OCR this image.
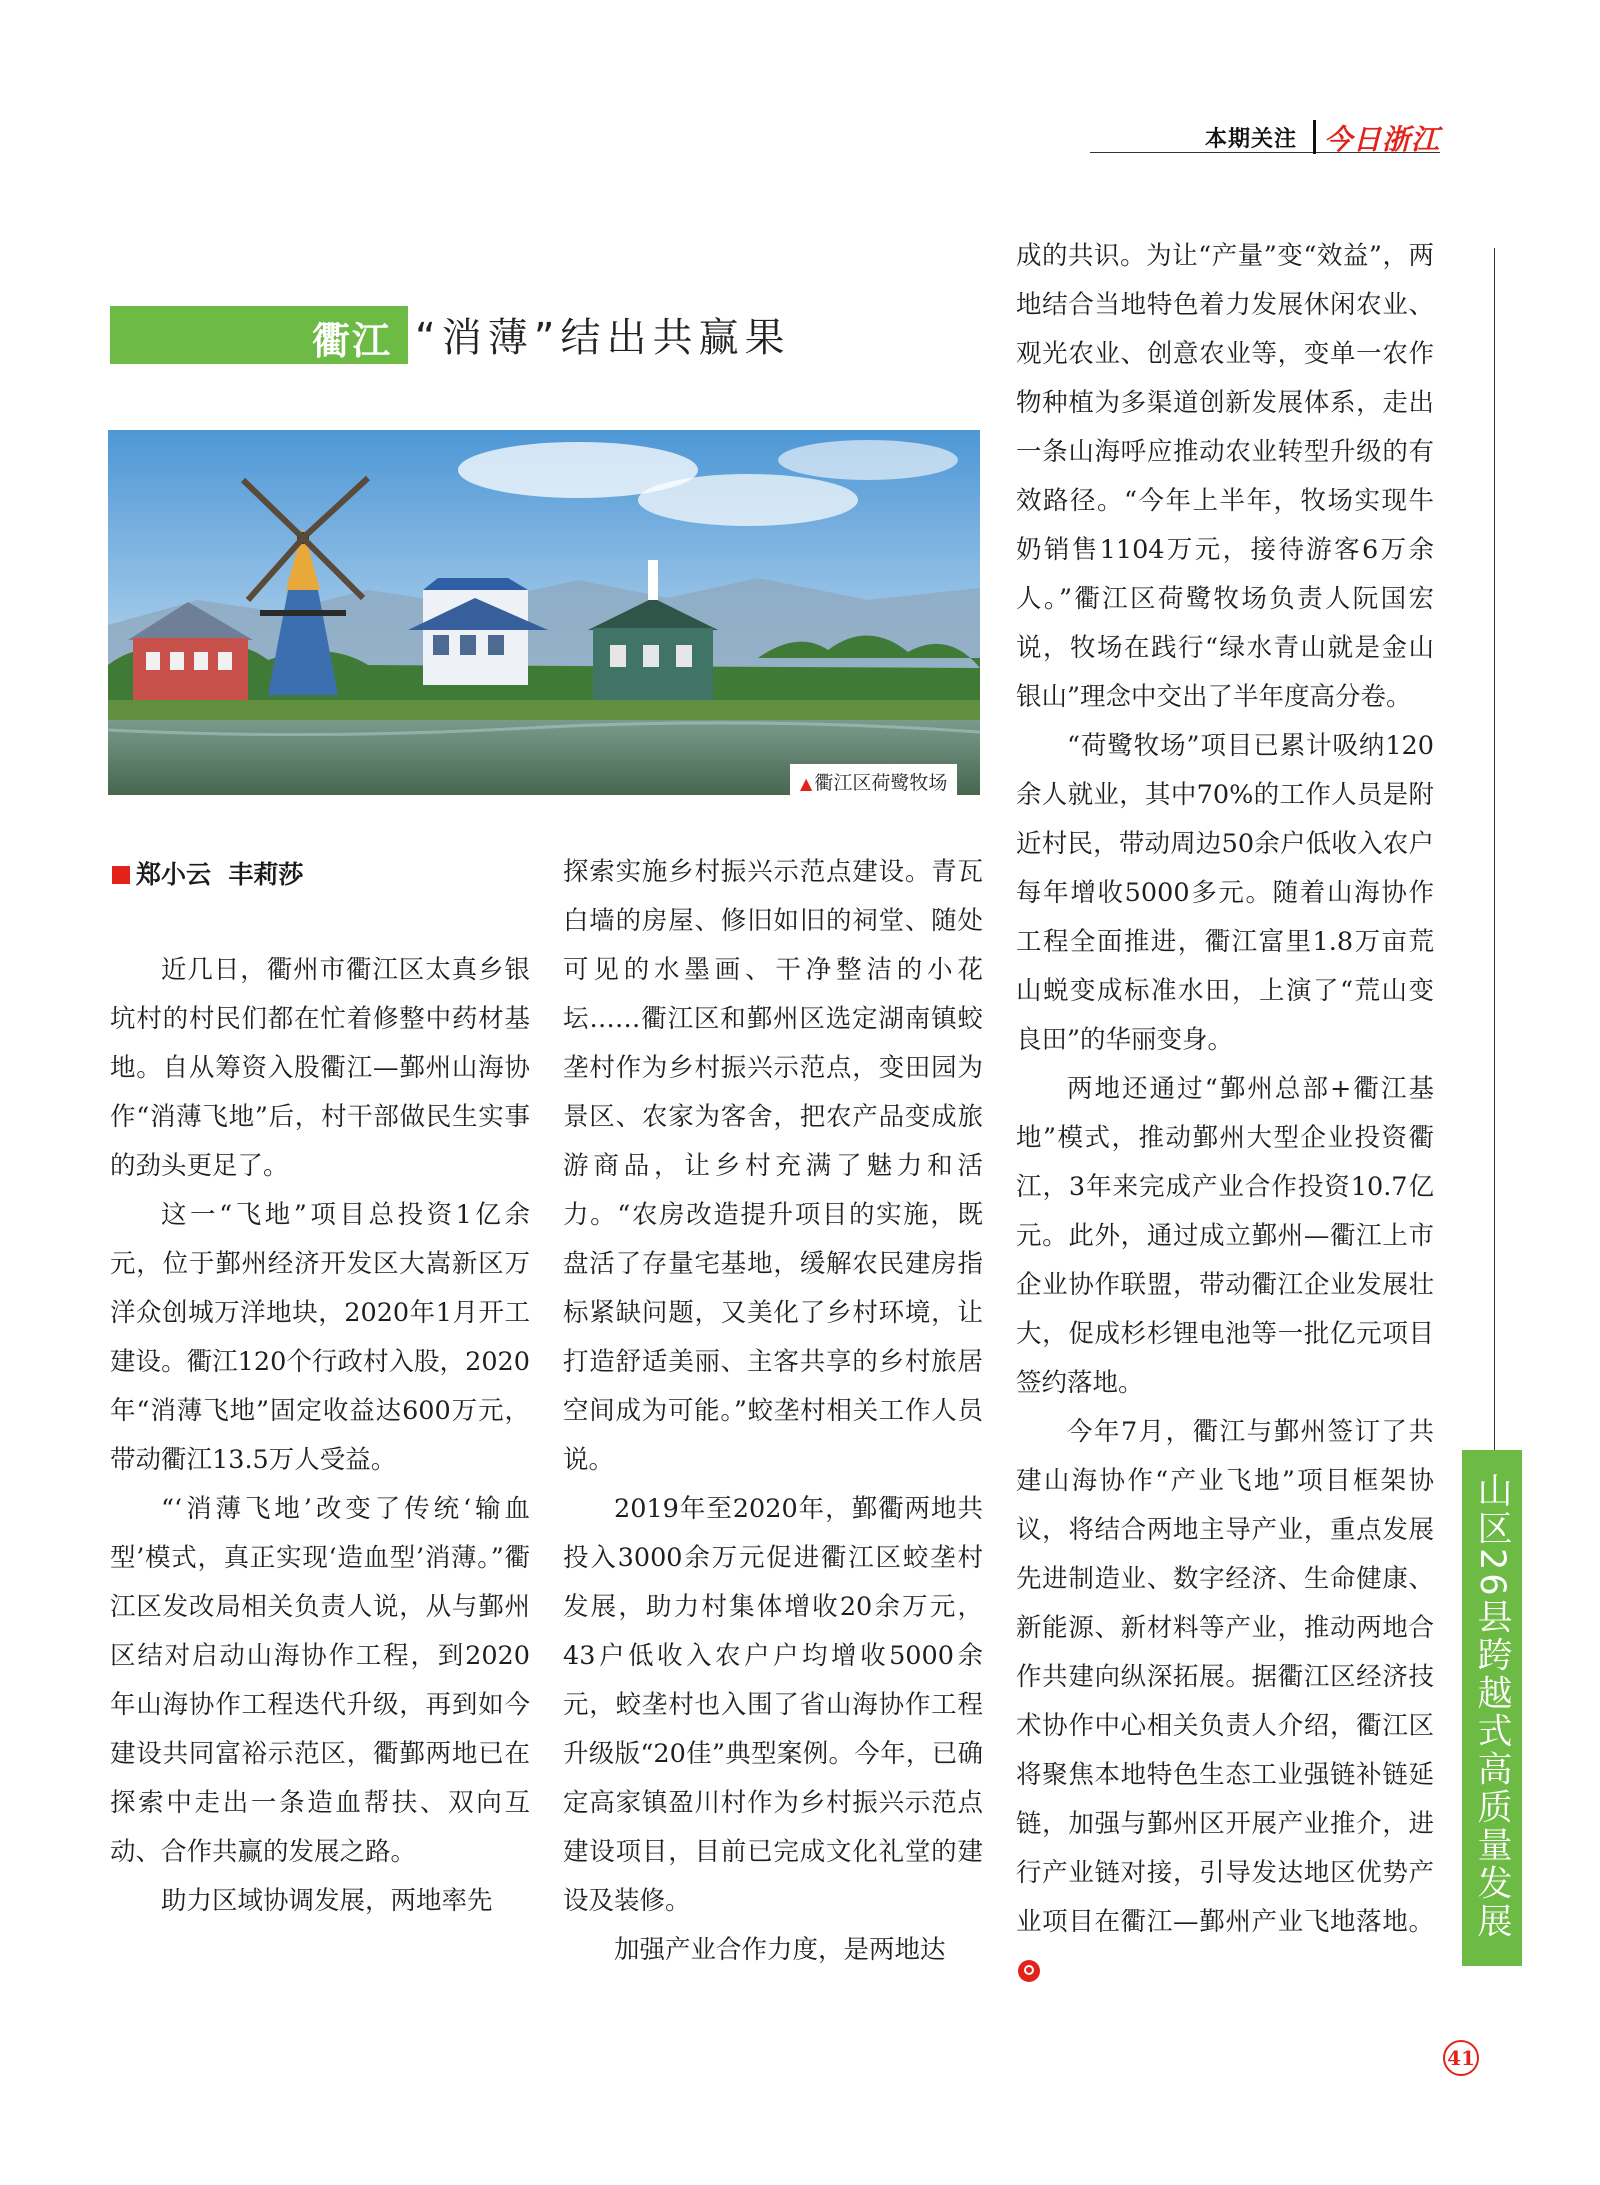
本期关注 今日浙江
衢江 “消薄”结出共赢果
▲ 衢江区荷鹭牧场
郑小云  丰莉莎

近几日，衢州市衢江区太真乡银坑村的村民们都在忙着修整中药材基地。自从筹资入股衢江—鄞州山海协作“消薄飞地”后，村干部做民生实事的劲头更足了。

这一“飞地”项目总投资1亿余元，位于鄞州经济开发区大嵩新区万洋众创城万洋地块，2020年1月开工建设。衢江120个行政村入股，2020年“消薄飞地”固定收益达600万元，带动衢江13.5万人受益。

“‘消薄飞地’改变了传统‘输血型’模式，真正实现‘造血型’消薄。”衢江区发改局相关负责人说，从与鄞州区结对启动山海协作工程，到2020年山海协作工程迭代升级，再到如今建设共同富裕示范区，衢鄞两地已在探索中走出一条造血帮扶、双向互动、合作共赢的发展之路。

助力区域协调发展，两地率先

探索实施乡村振兴示范点建设。青瓦白墙的房屋、修旧如旧的祠堂、随处可见的水墨画、干净整洁的小花坛……衢江区和鄞州区选定湖南镇蛟垄村作为乡村振兴示范点，变田园为景区、农家为客舍，把农产品变成旅游商品，让乡村充满了魅力和活力。“农房改造提升项目的实施，既盘活了存量宅基地，缓解农民建房指标紧缺问题，又美化了乡村环境，让打造舒适美丽、主客共享的乡村旅居空间成为可能。”蛟垄村相关工作人员说。

2019年至2020年，鄞衢两地共投入3000余万元促进衢江区蛟垄村发展，助力村集体增收20余万元，43户低收入农户户均增收5000余元，蛟垄村也入围了省山海协作工程升级版“20佳”典型案例。今年，已确定高家镇盈川村作为乡村振兴示范点建设项目，目前已完成文化礼堂的建设及装修。

加强产业合作力度，是两地达

成的共识。为让“产量”变“效益”，两地结合当地特色着力发展休闲农业、观光农业、创意农业等，变单一农作物种植为多渠道创新发展体系，走出一条山海呼应推动农业转型升级的有效路径。“今年上半年，牧场实现牛奶销售1104万元，接待游客6万余人。”衢江区荷鹭牧场负责人阮国宏说，牧场在践行“绿水青山就是金山银山”理念中交出了半年度高分卷。

“荷鹭牧场”项目已累计吸纳120余人就业，其中70%的工作人员是附近村民，带动周边50余户低收入农户每年增收5000多元。随着山海协作工程全面推进，衢江富里1.8万亩荒山蜕变成标准水田，上演了“荒山变良田”的华丽变身。

两地还通过“鄞州总部+衢江基地”模式，推动鄞州大型企业投资衢江，3年来完成产业合作投资10.7亿元。此外，通过成立鄞州—衢江上市企业协作联盟，带动衢江企业发展壮大，促成杉杉锂电池等一批亿元项目签约落地。

今年7月，衢江与鄞州签订了共建山海协作“产业飞地”项目框架协议，将结合两地主导产业，重点发展先进制造业、数字经济、生命健康、新能源、新材料等产业，推动两地合作共建向纵深拓展。据衢江区经济技术协作中心相关负责人介绍，衢江区将聚焦本地特色生态工业强链补链延链，加强与鄞州区开展产业推介，进行产业链对接，引导发达地区优势产业项目在衢江—鄞州产业飞地落地。 山区26县跨越式高质量发展
41
